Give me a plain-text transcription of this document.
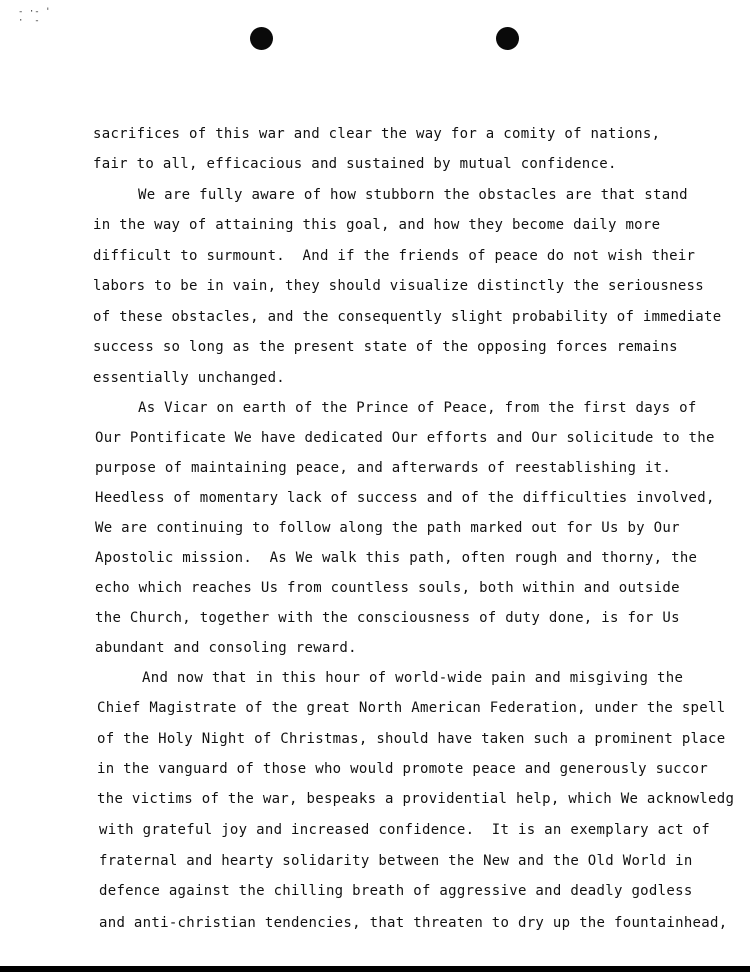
- ·‑ '
·  -
sacrifices of this war and clear the way for a comity of nations,
fair to all, efficacious and sustained by mutual confidence.
We are fully aware of how stubborn the obstacles are that stand
in the way of attaining this goal, and how they become daily more
difficult to surmount.  And if the friends of peace do not wish their
labors to be in vain, they should visualize distinctly the seriousness
of these obstacles, and the consequently slight probability of immediate
success so long as the present state of the opposing forces remains
essentially unchanged.
As Vicar on earth of the Prince of Peace, from the first days of
Our Pontificate We have dedicated Our efforts and Our solicitude to the
purpose of maintaining peace, and afterwards of reestablishing it.
Heedless of momentary lack of success and of the difficulties involved,
We are continuing to follow along the path marked out for Us by Our
Apostolic mission.  As We walk this path, often rough and thorny, the
echo which reaches Us from countless souls, both within and outside
the Church, together with the consciousness of duty done, is for Us
abundant and consoling reward.
And now that in this hour of world-wide pain and misgiving the
Chief Magistrate of the great North American Federation, under the spell
of the Holy Night of Christmas, should have taken such a prominent place
in the vanguard of those who would promote peace and generously succor
the victims of the war, bespeaks a providential help, which We acknowledg
with grateful joy and increased confidence.  It is an exemplary act of
fraternal and hearty solidarity between the New and the Old World in
defence against the chilling breath of aggressive and deadly godless
and anti-christian tendencies, that threaten to dry up the fountainhead,
